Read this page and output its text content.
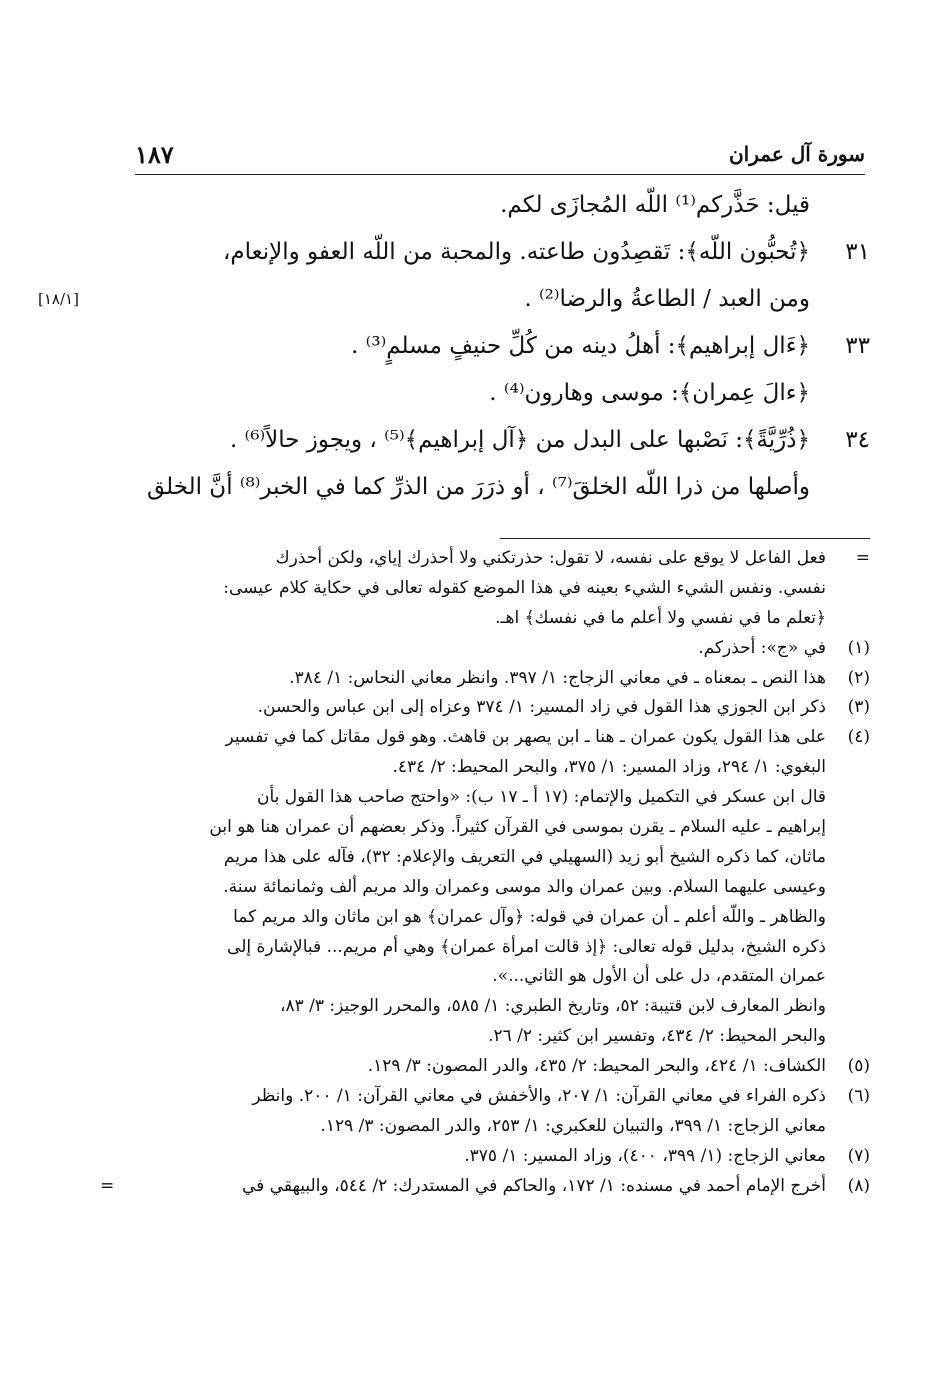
سورة آل عمران
١٨٧
قيل: حَذَّركم⁽¹⁾ اللّه المُجازَى لكم.
٣١
﴿تُحبُّون اللّه﴾: تَقصِدُون طاعته. والمحبة من اللّه العفو والإنعام،
ومن العبد / الطاعةُ والرضا⁽²⁾ .
[١٨/١]
٣٣
﴿ءَال إبراهيم﴾: أهلُ دينه من كُلِّ حنيفٍ مسلمٍ⁽³⁾ .
﴿ءالَ عِمران﴾: موسى وهارون⁽⁴⁾ .
٣٤
﴿ذُرِّيَّةً﴾: نَصْبها على البدل من ﴿آل إبراهيم﴾⁽⁵⁾ ، ويجوز حالاً⁽⁶⁾ .
وأصلها من ذرا اللّه الخلقَ⁽⁷⁾ ، أو ذرَرَ من الذرِّ كما في الخبر⁽⁸⁾ أنَّ الخلق
=
فعل الفاعل لا يوقع على نفسه، لا تقول: حذرتكني ولا أحذرك إياي، ولكن أحذرك
نفسي. ونفس الشيء الشيء بعينه في هذا الموضع كقوله تعالى في حكاية كلام عيسى:
﴿تعلم ما في نفسي ولا أعلم ما في نفسك﴾ اهـ.
(١)
في «ج»: أحذركم.
(٢)
هذا النص ـ بمعناه ـ في معاني الزجاج: ١/ ٣٩٧. وانظر معاني النحاس: ١/ ٣٨٤.
(٣)
ذكر ابن الجوزي هذا القول في زاد المسير: ١/ ٣٧٤ وعزاه إلى ابن عباس والحسن.
(٤)
على هذا القول يكون عمران ـ هنا ـ ابن يصهر بن قاهث. وهو قول مقاتل كما في تفسير
البغوي: ١/ ٢٩٤، وزاد المسير: ١/ ٣٧٥، والبحر المحيط: ٢/ ٤٣٤.
قال ابن عسكر في التكميل والإتمام: (١٧ أ ـ ١٧ ب): «واحتج صاحب هذا القول بأن
إبراهيم ـ عليه السلام ـ يقرن بموسى في القرآن كثيراً. وذكر بعضهم أن عمران هنا هو ابن
ماثان، كما ذكره الشيخ أبو زيد (السهيلي في التعريف والإعلام: ٣٢)، فآله على هذا مريم
وعيسى عليهما السلام. وبين عمران والد موسى وعمران والد مريم ألف وثمانمائة سنة.
والظاهر ـ واللّه أعلم ـ أن عمران في قوله: ﴿وآل عمران﴾ هو ابن ماثان والد مريم كما
ذكره الشيخ، بدليل قوله تعالى: ﴿إذ قالت امرأة عمران﴾ وهي أم مريم... فبالإشارة إلى
عمران المتقدم، دل على أن الأول هو الثاني...».
وانظر المعارف لابن قتيبة: ٥٢، وتاريخ الطبري: ١/ ٥٨٥، والمحرر الوجيز: ٣/ ٨٣،
والبحر المحيط: ٢/ ٤٣٤، وتفسير ابن كثير: ٢/ ٢٦.
(٥)
الكشاف: ١/ ٤٢٤، والبحر المحيط: ٢/ ٤٣٥، والدر المصون: ٣/ ١٢٩.
(٦)
ذكره الفراء في معاني القرآن: ١/ ٢٠٧، والأخفش في معاني القرآن: ١/ ٢٠٠. وانظر
معاني الزجاج: ١/ ٣٩٩، والتبيان للعكبري: ١/ ٢٥٣، والدر المصون: ٣/ ١٢٩.
(٧)
معاني الزجاج: (١/ ٣٩٩، ٤٠٠)، وزاد المسير: ١/ ٣٧٥.
(٨)
أخرج الإمام أحمد في مسنده: ١/ ١٧٢، والحاكم في المستدرك: ٢/ ٥٤٤، والبيهقي في
=
